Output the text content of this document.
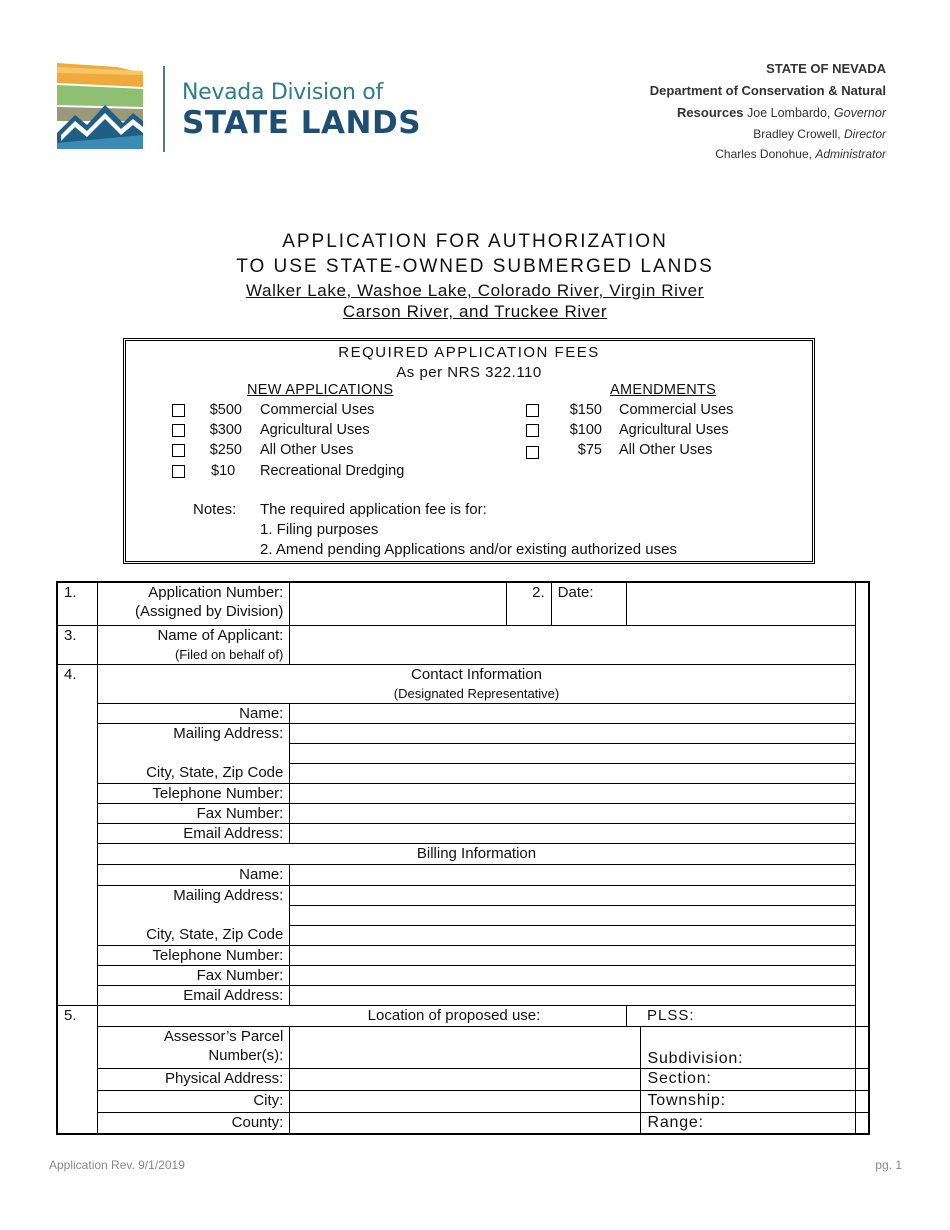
Nevada Division of
STATE LANDS
STATE OF NEVADA
Department of Conservation & Natural
Resources Joe Lombardo, Governor
Bradley Crowell, Director
Charles Donohue, Administrator
APPLICATION FOR AUTHORIZATION
TO USE STATE-OWNED SUBMERGED LANDS
Walker Lake, Washoe Lake, Colorado River, Virgin River
Carson River, and Truckee River
REQUIRED APPLICATION FEES
As per NRS 322.110
NEW APPLICATIONS	AMENDMENTS
$500 Commercial Uses
$300 Agricultural Uses
$250 All Other Uses
$10 Recreational Dredging
$150 Commercial Uses
$100 Agricultural Uses
$75 All Other Uses
Notes: The required application fee is for:
1. Filing purposes
2. Amend pending Applications and/or existing authorized uses
1.	Application Number:
(Assigned by Division)		2.	Date:			
3.	Name of Applicant:
(Filed on behalf of)						

4.	Contact Information
(Designated Representative)						

	Name:						

	Mailing Address:
City, State, Zip Code						

	Telephone Number:						
	Fax Number:						
	Email Address:						
	Billing Information						
	Name:						

	Mailing Address:
City, State, Zip Code						

	Telephone Number:						
	Fax Number:						
	Email Address:						
5.	Location of proposed use:				PLSS:		

	Assessor’s Parcel
Number(s):					Subdivision:	
	Physical Address:					Section:	
	City:					Township:	
	County:					Range:	
Application Rev. 9/1/2019	pg. 1
